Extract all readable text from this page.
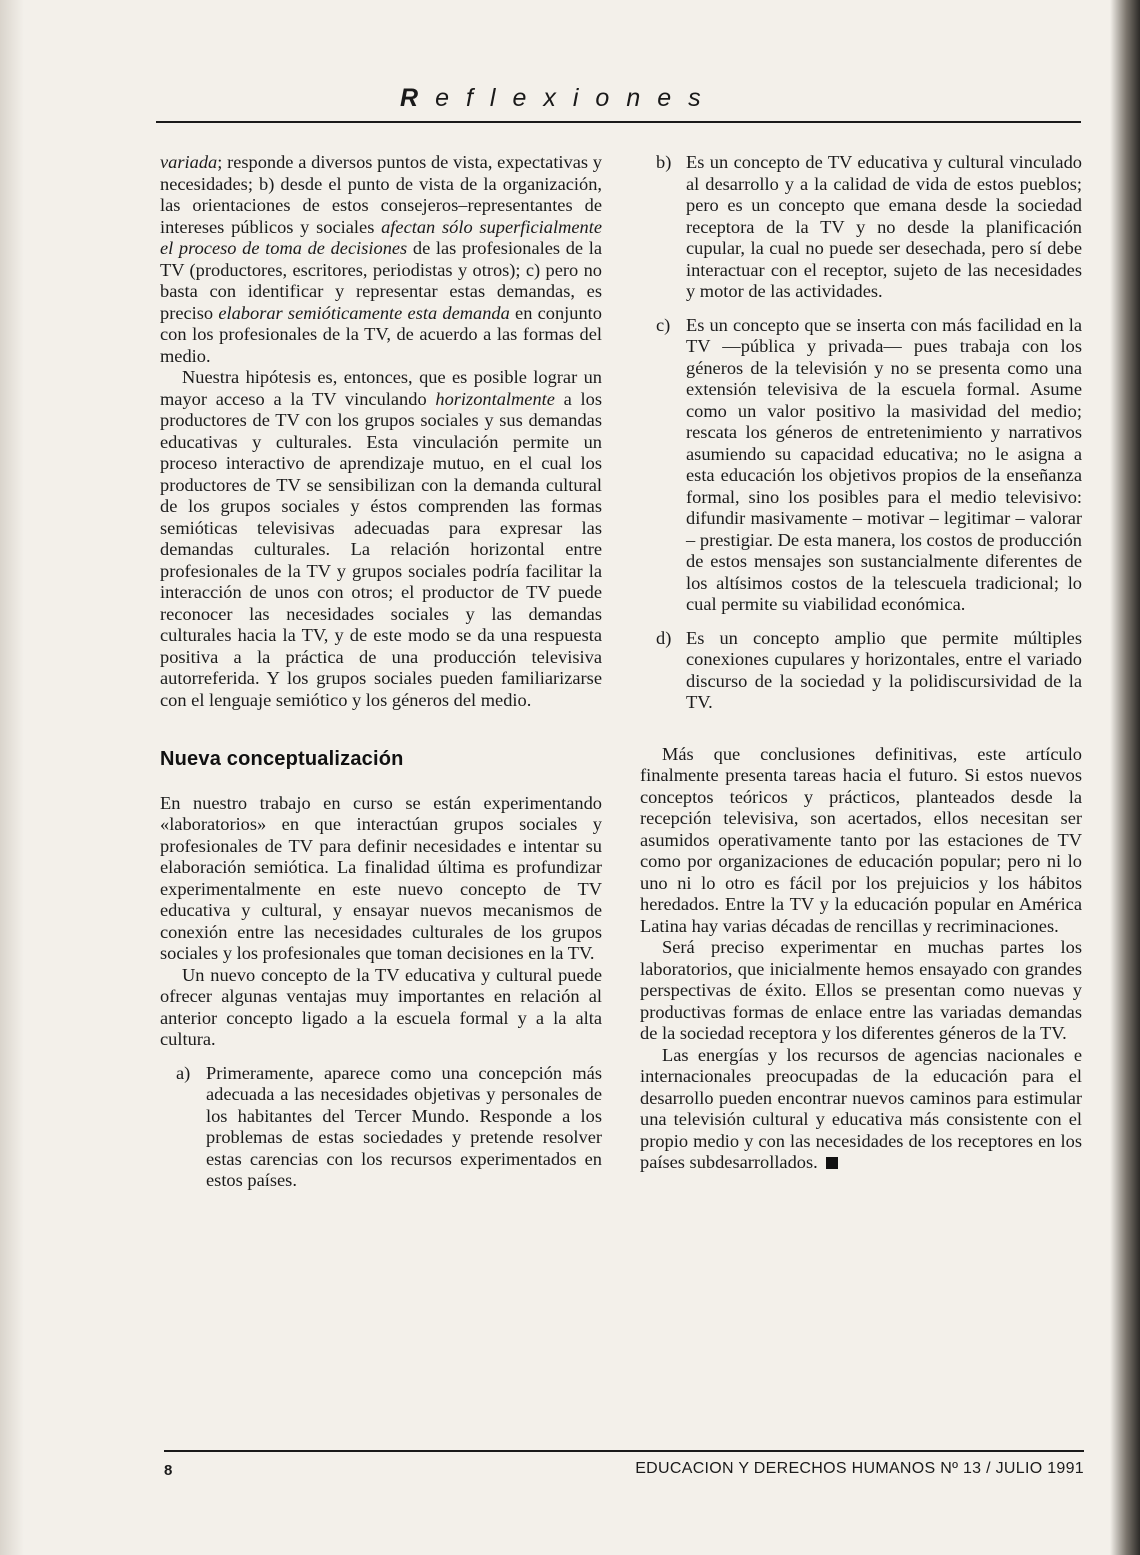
Reflexiones

variada; responde a diversos puntos de vista, expectativas y necesidades; b) desde el punto de vista de la organización, las orientaciones de estos consejeros–representantes de intereses públicos y sociales afectan sólo superficialmente el proceso de toma de decisiones de las profesionales de la TV (productores, escritores, periodistas y otros); c) pero no basta con identificar y representar estas demandas, es preciso elaborar semióticamente esta demanda en conjunto con los profesionales de la TV, de acuerdo a las formas del medio.

Nuestra hipótesis es, entonces, que es posible lograr un mayor acceso a la TV vinculando horizontalmente a los productores de TV con los grupos sociales y sus demandas educativas y culturales. Esta vinculación permite un proceso interactivo de aprendizaje mutuo, en el cual los productores de TV se sensibilizan con la demanda cultural de los grupos sociales y éstos comprenden las formas semióticas televisivas adecuadas para expresar las demandas culturales. La relación horizontal entre profesionales de la TV y grupos sociales podría facilitar la interacción de unos con otros; el productor de TV puede reconocer las necesidades sociales y las demandas culturales hacia la TV, y de este modo se da una respuesta positiva a la práctica de una producción televisiva autorreferida. Y los grupos sociales pueden familiarizarse con el lenguaje semiótico y los géneros del medio.

Nueva conceptualización

En nuestro trabajo en curso se están experimentando «laboratorios» en que interactúan grupos sociales y profesionales de TV para definir necesidades e intentar su elaboración semiótica. La finalidad última es profundizar experimentalmente en este nuevo concepto de TV educativa y cultural, y ensayar nuevos mecanismos de conexión entre las necesidades culturales de los grupos sociales y los profesionales que toman decisiones en la TV.

Un nuevo concepto de la TV educativa y cultural puede ofrecer algunas ventajas muy importantes en relación al anterior concepto ligado a la escuela formal y a la alta cultura.

a) Primeramente, aparece como una concepción más adecuada a las necesidades objetivas y personales de los habitantes del Tercer Mundo. Responde a los problemas de estas sociedades y pretende resolver estas carencias con los recursos experimentados en estos países.
b) Es un concepto de TV educativa y cultural vinculado al desarrollo y a la calidad de vida de estos pueblos; pero es un concepto que emana desde la sociedad receptora de la TV y no desde la planificación cupular, la cual no puede ser desechada, pero sí debe interactuar con el receptor, sujeto de las necesidades y motor de las actividades.
c) Es un concepto que se inserta con más facilidad en la TV —pública y privada— pues trabaja con los géneros de la televisión y no se presenta como una extensión televisiva de la escuela formal. Asume como un valor positivo la masividad del medio; rescata los géneros de entretenimiento y narrativos asumiendo su capacidad educativa; no le asigna a esta educación los objetivos propios de la enseñanza formal, sino los posibles para el medio televisivo: difundir masivamente – motivar – legitimar – valorar – prestigiar. De esta manera, los costos de producción de estos mensajes son sustancialmente diferentes de los altísimos costos de la telescuela tradicional; lo cual permite su viabilidad económica.
d) Es un concepto amplio que permite múltiples conexiones cupulares y horizontales, entre el variado discurso de la sociedad y la polidiscursividad de la TV.

Más que conclusiones definitivas, este artículo finalmente presenta tareas hacia el futuro. Si estos nuevos conceptos teóricos y prácticos, planteados desde la recepción televisiva, son acertados, ellos necesitan ser asumidos operativamente tanto por las estaciones de TV como por organizaciones de educación popular; pero ni lo uno ni lo otro es fácil por los prejuicios y los hábitos heredados. Entre la TV y la educación popular en América Latina hay varias décadas de rencillas y recriminaciones.

Será preciso experimentar en muchas partes los laboratorios, que inicialmente hemos ensayado con grandes perspectivas de éxito. Ellos se presentan como nuevas y productivas formas de enlace entre las variadas demandas de la sociedad receptora y los diferentes géneros de la TV.

Las energías y los recursos de agencias nacionales e internacionales preocupadas de la educación para el desarrollo pueden encontrar nuevos caminos para estimular una televisión cultural y educativa más consistente con el propio medio y con las necesidades de los receptores en los países subdesarrollados.

8	EDUCACION Y DERECHOS HUMANOS Nº 13 / JULIO 1991
